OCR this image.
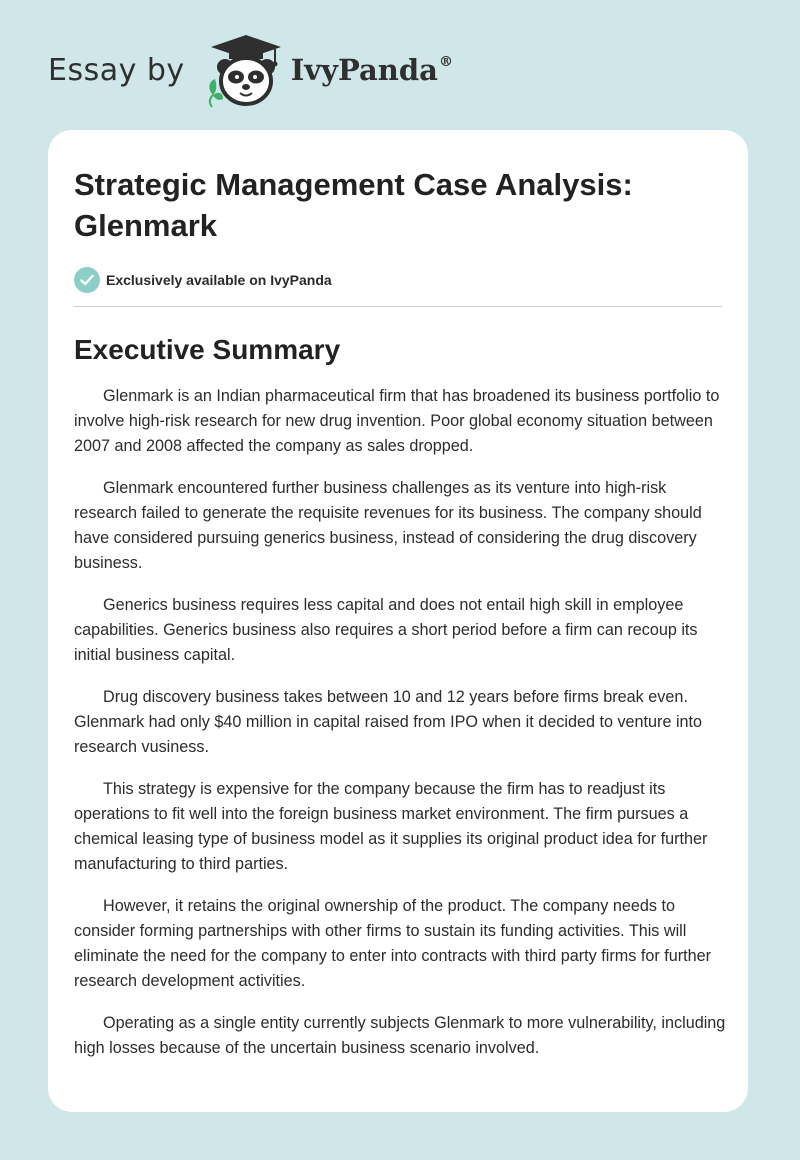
Essay by	IvyPanda®
Strategic Management Case Analysis: Glenmark
Exclusively available on IvyPanda
Executive Summary

Glenmark is an Indian pharmaceutical firm that has broadened its business portfolio to involve high-risk research for new drug invention. Poor global economy situation between 2007 and 2008 affected the company as sales dropped.

Glenmark encountered further business challenges as its venture into high-risk research failed to generate the requisite revenues for its business. The company should have considered pursuing generics business, instead of considering the drug discovery business.

Generics business requires less capital and does not entail high skill in employee capabilities. Generics business also requires a short period before a firm can recoup its initial business capital.

Drug discovery business takes between 10 and 12 years before firms break even. Glenmark had only $40 million in capital raised from IPO when it decided to venture into research vusiness.

This strategy is expensive for the company because the firm has to readjust its operations to fit well into the foreign business market environment. The firm pursues a chemical leasing type of business model as it supplies its original product idea for further manufacturing to third parties.

However, it retains the original ownership of the product. The company needs to consider forming partnerships with other firms to sustain its funding activities. This will eliminate the need for the company to enter into contracts with third party firms for further research development activities.

Operating as a single entity currently subjects Glenmark to more vulnerability, including high losses because of the uncertain business scenario involved.
